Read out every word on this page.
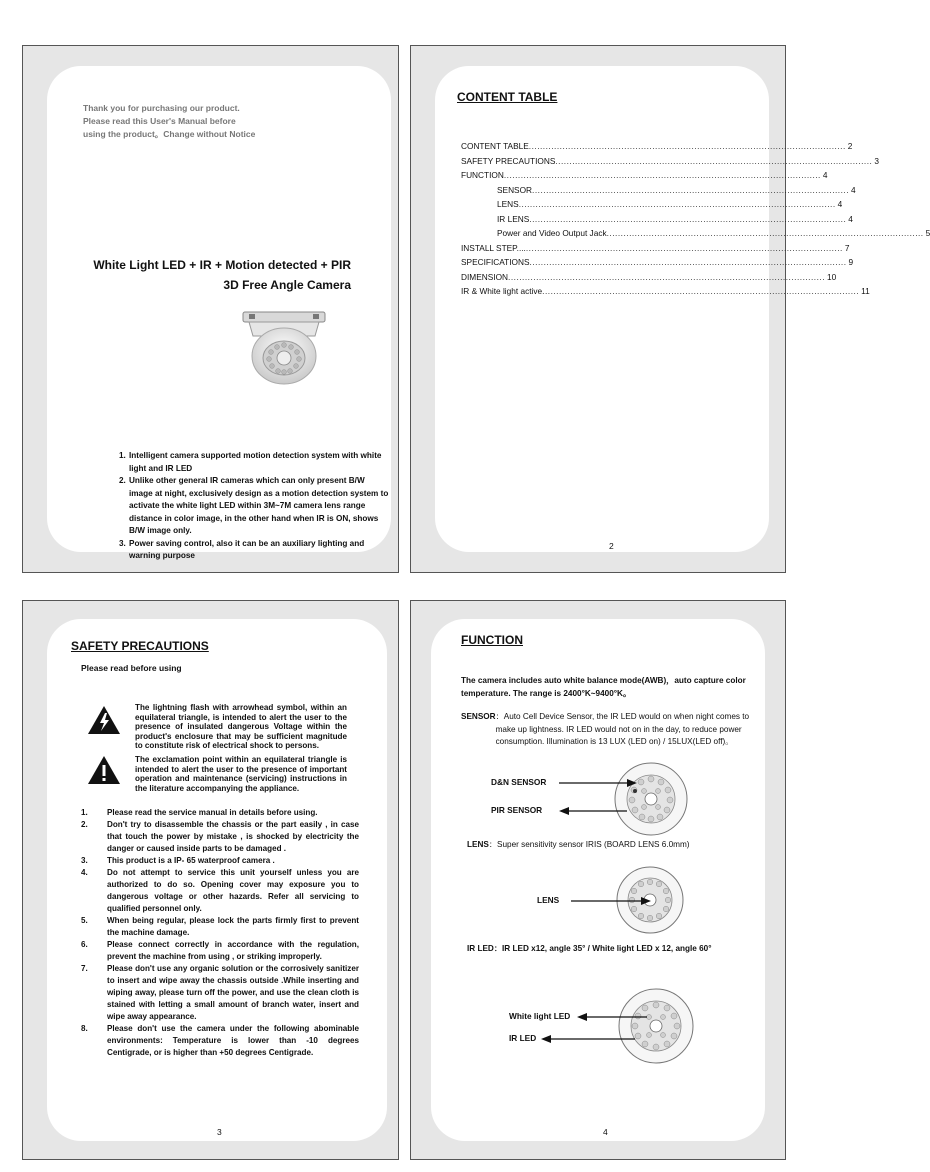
Thank you for purchasing our product.
Please read this User's Manual before
using the product。Change without Notice
White Light LED + IR + Motion detected + PIR
3D Free Angle Camera
1. Intelligent camera supported motion detection system with white light and IR LED
2. Unlike other general IR cameras which can only present B/W image at night, exclusively design as a motion detection system to activate the white light LED within 3M~7M camera lens range distance in color image, in the other hand when IR is ON, shows B/W image only.
3. Power saving control, also it can be an auxiliary lighting and warning purpose
CONTENT TABLE
CONTENT TABLE ................................................................................................................. 2
SAFETY PRECAUTIONS ................................................................................................................. 3
FUNCTION ................................................................................................................. 4
SENSOR ................................................................................................................. 4
LENS ................................................................................................................. 4
IR LENS ................................................................................................................. 4
Power and Video Output Jack ................................................................................................................. 5
INSTALL STEP.... ................................................................................................................. 7
SPECIFICATIONS ................................................................................................................. 9
DIMENSION ................................................................................................................. 10
IR & White light active ................................................................................................................. 11
2
SAFETY PRECAUTIONS
Please read before using
The lightning flash with arrowhead symbol, within an equilateral triangle, is intended to alert the user to the presence of insulated dangerous Voltage within the product's enclosure that may be sufficient magnitude to constitute risk of electrical shock to persons.
The exclamation point within an equilateral triangle is intended to alert the user to the presence of important operation and maintenance (servicing) instructions in the literature accompanying the appliance.
1.	Please read the service manual in details before using.
2.	Don't try to disassemble the chassis or the part easily , in case that touch the power by mistake , is shocked by electricity the danger or caused inside parts to be damaged .
3.	This product is a IP- 65 waterproof camera .
4.	Do not attempt to service this unit yourself unless you are authorized to do so. Opening cover may exposure you to dangerous voltage or other hazards. Refer all servicing to qualified personnel only.
5.	When being regular, please lock the parts firmly first to prevent the machine damage.
6.	Please connect correctly in accordance with the regulation, prevent the machine from using , or striking improperly.
7.	Please don't use any organic solution or the corrosively sanitizer to insert and wipe away the chassis outside .While inserting and wiping away, please turn off the power, and use the clean cloth is stained with letting a small amount of branch water, insert and wipe away appearance.
8.	Please don't use the camera under the following abominable environments: Temperature is lower than -10 degrees Centigrade, or is higher than +50 degrees Centigrade.
3
FUNCTION
The camera includes auto white balance mode(AWB)，auto capture color temperature. The range is 2400°K~9400°K。
SENSOR ：Auto Cell Device Sensor, the IR LED would on when night comes to make up lightness. IR LED would not on in the day, to reduce power consumption. Illumination is 13 LUX (LED on) / 15LUX(LED off)。
D&N SENSOR
PIR SENSOR
LENS ：Super sensitivity sensor IRIS (BOARD LENS 6.0mm)
LENS
IR LED ：IR LED x12, angle 35° / White light LED x 12, angle 60°
White light LED
IR LED
4
